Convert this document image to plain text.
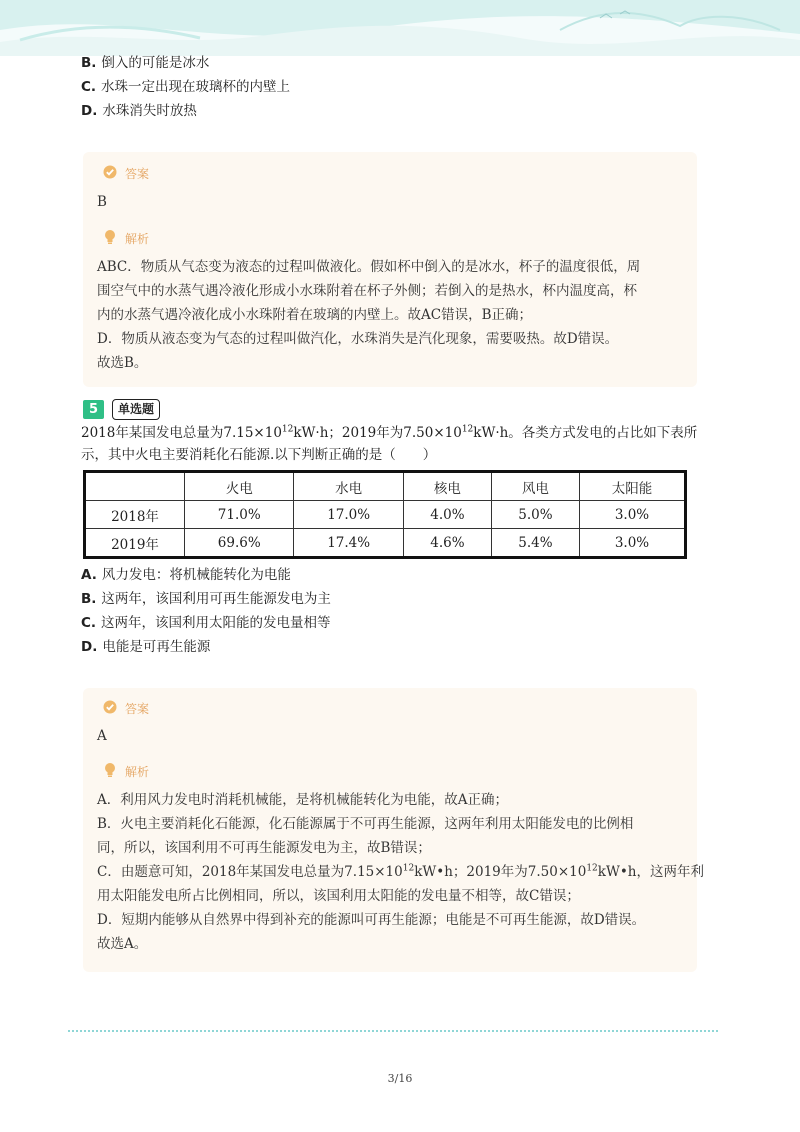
B. 倒入的可能是冰水
C. 水珠一定出现在玻璃杯的内壁上
D. 水珠消失时放热
答案
B
解析
ABC．物质从气态变为液态的过程叫做液化。假如杯中倒入的是冰水，杯子的温度很低，周
围空气中的水蒸气遇冷液化形成小水珠附着在杯子外侧；若倒入的是热水，杯内温度高，杯
内的水蒸气遇冷液化成小水珠附着在玻璃的内壁上。故AC错误，B正确；
D．物质从液态变为气态的过程叫做汽化，水珠消失是汽化现象，需要吸热。故D错误。
故选B。
5	单选题
2018年某国发电总量为$7.15\times 10^{12}kW\cdot h$；2019年为$7.50\times 10^{12}kW\cdot h$。各类方式发电的占比如下表所
示，其中火电主要消耗化石能源.以下判断正确的是（　　）
	火电	水电	核电	风电	太阳能
2018年	71.0%	17.0%	4.0%	5.0%	3.0%
2019年	69.6%	17.4%	4.6%	5.4%	3.0%
A. 风力发电：将机械能转化为电能
B. 这两年，该国利用可再生能源发电为主
C. 这两年，该国利用太阳能的发电量相等
D. 电能是可再生能源
答案
A
解析
A．利用风力发电时消耗机械能，是将机械能转化为电能，故A正确；
B．火电主要消耗化石能源，化石能源属于不可再生能源，这两年利用太阳能发电的比例相
同，所以，该国利用不可再生能源发电为主，故B错误；
C．由题意可知，2018年某国发电总量为$7.15\times 10^{12}kW•h$；2019年为$7.50\times 10^{12}kW•h$，这两年利
用太阳能发电所占比例相同，所以，该国利用太阳能的发电量不相等，故C错误；
D．短期内能够从自然界中得到补充的能源叫可再生能源；电能是不可再生能源，故D错误。
故选A。
3/16
